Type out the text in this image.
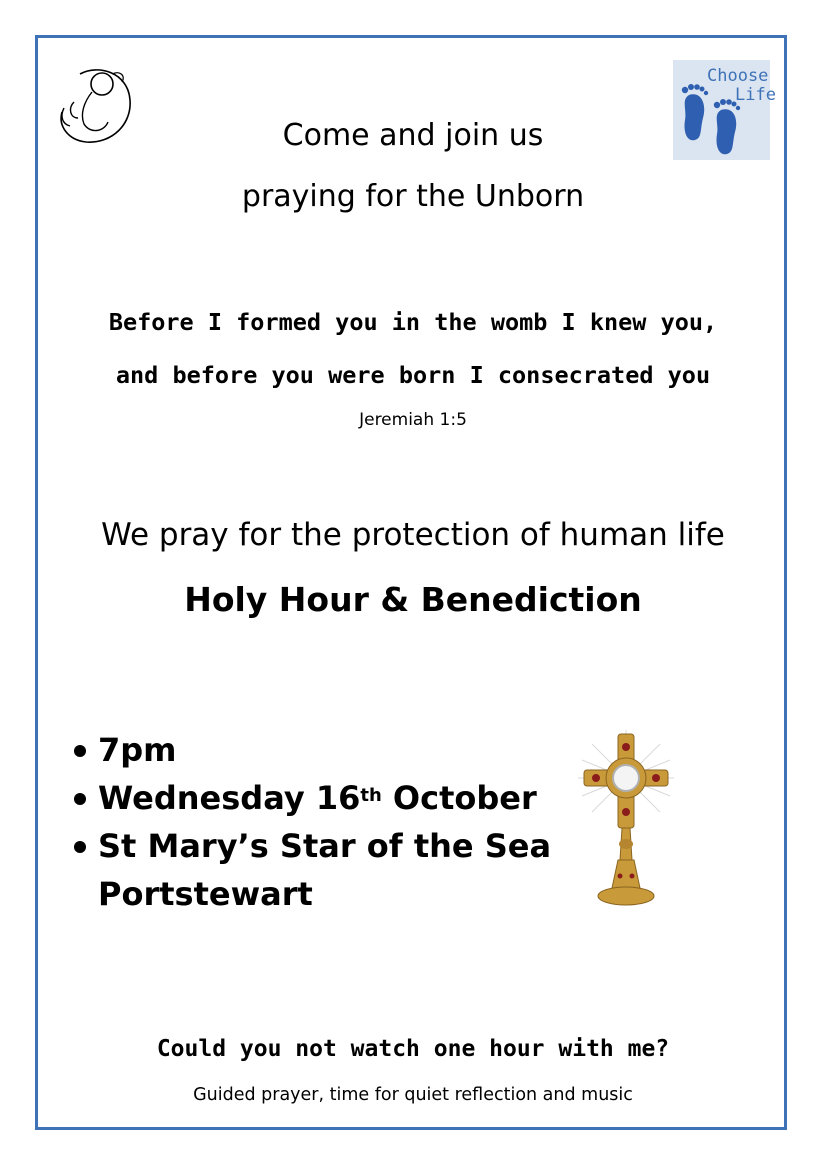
Choose
Life
Come and join us
praying for the Unborn
Before I formed you in the womb I knew you,
and before you were born I consecrated you
Jeremiah 1:5
We pray for the protection of human life
Holy Hour & Benediction
7pm
Wednesday 16th October
St Mary’s Star of the Sea
Portstewart
Could you not watch one hour with me?
Guided prayer, time for quiet reflection and music
